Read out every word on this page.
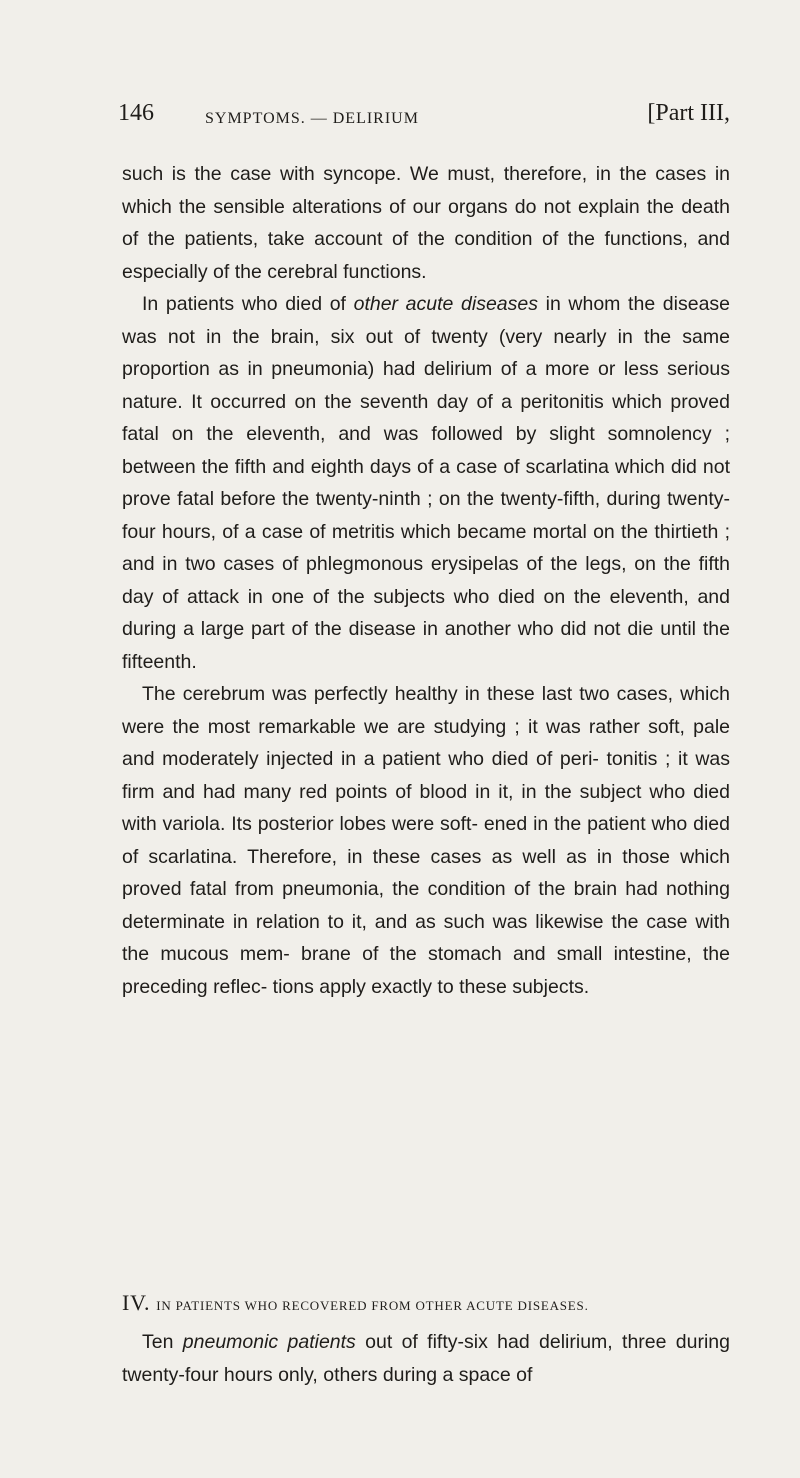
146	SYMPTOMS. — DELIRIUM	[Part III,

such is the case with syncope. We must, therefore, in the cases in which the sensible alterations of our organs do not explain the death of the patients, take account of the condition of the functions, and especially of the cerebral functions.

In patients who died of other acute diseases in whom the disease was not in the brain, six out of twenty (very nearly in the same proportion as in pneumonia) had delirium of a more or less serious nature. It occurred on the seventh day of a peritonitis which proved fatal on the eleventh, and was followed by slight somnolency ; between the fifth and eighth days of a case of scarlatina which did not prove fatal before the twenty-ninth ; on the twenty-fifth, during twenty-four hours, of a case of metritis which became mortal on the thirtieth ; and in two cases of phlegmonous erysipelas of the legs, on the fifth day of attack in one of the subjects who died on the eleventh, and during a large part of the disease in another who did not die until the fifteenth.

The cerebrum was perfectly healthy in these last two cases, which were the most remarkable we are studying ; it was rather soft, pale and moderately injected in a patient who died of peri- tonitis ; it was firm and had many red points of blood in it, in the subject who died with variola. Its posterior lobes were soft- ened in the patient who died of scarlatina. Therefore, in these cases as well as in those which proved fatal from pneumonia, the condition of the brain had nothing determinate in relation to it, and as such was likewise the case with the mucous mem- brane of the stomach and small intestine, the preceding reflec- tions apply exactly to these subjects.

IV. IN PATIENTS WHO RECOVERED FROM OTHER ACUTE DISEASES.

Ten pneumonic patients out of fifty-six had delirium, three during twenty-four hours only, others during a space of
